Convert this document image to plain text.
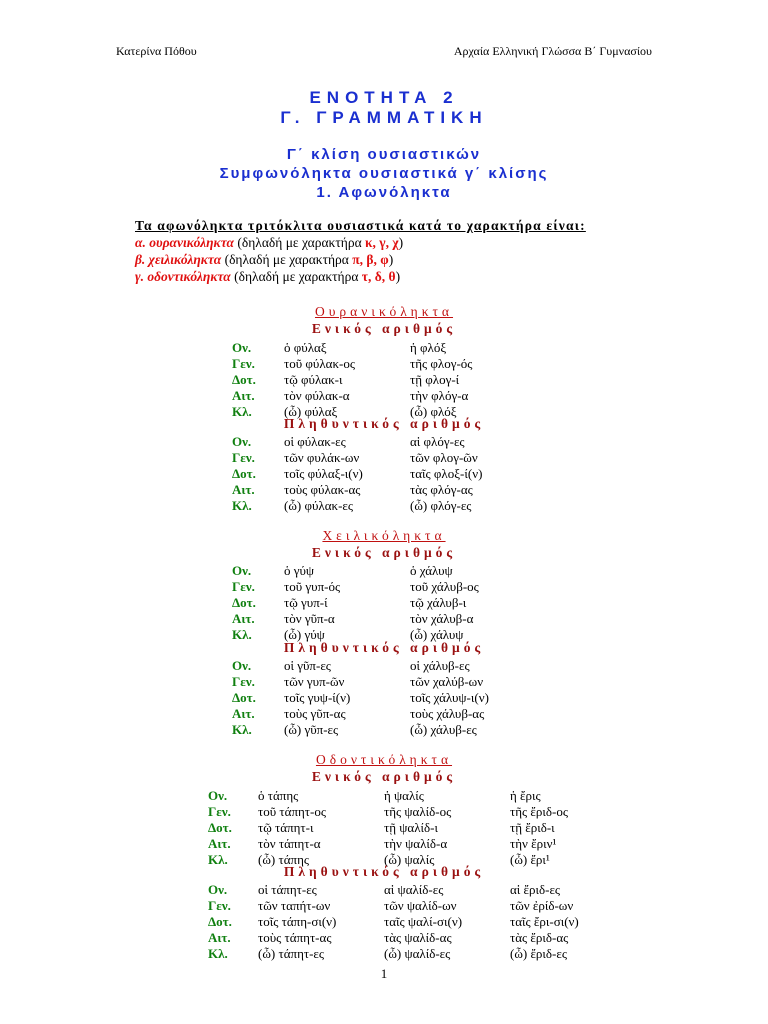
Κατερίνα Πόθου	Αρχαία Ελληνική Γλώσσα Β΄ Γυμνασίου
ΕΝΟΤΗΤΑ 2
Γ. ΓΡΑΜΜΑΤΙΚΗ
Γ΄ κλίση ουσιαστικών
Συμφωνόληκτα ουσιαστικά γ΄ κλίσης
1. Αφωνόληκτα
Τα αφωνόληκτα τριτόκλιτα ουσιαστικά κατά το χαρακτήρα είναι:
α. ουρανικόληκτα (δηλαδή με χαρακτήρα κ, γ, χ)
β. χειλικόληκτα (δηλαδή με χαρακτήρα π, β, φ)
γ. οδοντικόληκτα (δηλαδή με χαρακτήρα τ, δ, θ)
Ουρανικόληκτα
Ενικός αριθμός
Πληθυντικός αριθμός
Ον.	ὁ φύλαξ	ἡ φλόξ
Γεν. τοῦ φύλακ-ος	τῆς φλογ-ός
Δοτ. τῷ φύλακ-ι	τῇ φλογ-ί
Αιτ. τὸν φύλακ-α	τὴν φλόγ-α
Κλ. (ὦ) φύλαξ	(ὦ) φλόξ
Ον.	οἱ φύλακ-ες	αἱ φλόγ-ες
Γεν. τῶν φυλάκ-ων	τῶν φλογ-ῶν
Δοτ. τοῖς φύλαξ-ι(ν)	ταῖς φλοξ-ί(ν)
Αιτ. τοὺς φύλακ-ας	τὰς φλόγ-ας
Κλ. (ὦ) φύλακ-ες	(ὦ) φλόγ-ες
Χειλικόληκτα
Ενικός αριθμός
Πληθυντικός αριθμός
Ον.	ὁ γύψ	ὁ χάλυψ
Γεν. τοῦ γυπ-ός	τοῦ χάλυβ-ος
Δοτ. τῷ γυπ-ί	τῷ χάλυβ-ι
Αιτ. τὸν γῦπ-α	τὸν χάλυβ-α
Κλ. (ὦ) γύψ	(ὦ) χάλυψ
Ον.	οἱ γῦπ-ες	οἱ χάλυβ-ες
Γεν. τῶν γυπ-ῶν	τῶν χαλύβ-ων
Δοτ. τοῖς γυψ-ί(ν)	τοῖς χάλυψ-ι(ν)
Αιτ. τοὺς γῦπ-ας	τοὺς χάλυβ-ας
Κλ. (ὦ) γῦπ-ες	(ὦ) χάλυβ-ες
Οδοντικόληκτα
Ενικός αριθμός
Πληθυντικός αριθμός
Ον. ὁ τάπης	ἡ ψαλίς	ἡ ἔρις
Γεν. τοῦ τάπητ-ος	τῆς ψαλίδ-ος	τῆς ἔριδ-ος
Δοτ. τῷ τάπητ-ι	τῇ ψαλίδ-ι	τῇ ἔριδ-ι
Αιτ. τὸν τάπητ-α	τὴν ψαλίδ-α	τὴν ἔριν¹
Κλ. (ὦ) τάπης	(ὦ) ψαλίς	(ὦ) ἔρι¹
Ον. οἱ τάπητ-ες	αἱ ψαλίδ-ες	αἱ ἔριδ-ες
Γεν. τῶν ταπήτ-ων	τῶν ψαλίδ-ων	τῶν ἐρίδ-ων
Δοτ. τοῖς τάπη-σι(ν)	ταῖς ψαλί-σι(ν)	ταῖς ἔρι-σι(ν)
Αιτ. τοὺς τάπητ-ας	τὰς ψαλίδ-ας	τὰς ἔριδ-ας
Κλ. (ὦ) τάπητ-ες	(ὦ) ψαλίδ-ες	(ὦ) ἔριδ-ες
1
